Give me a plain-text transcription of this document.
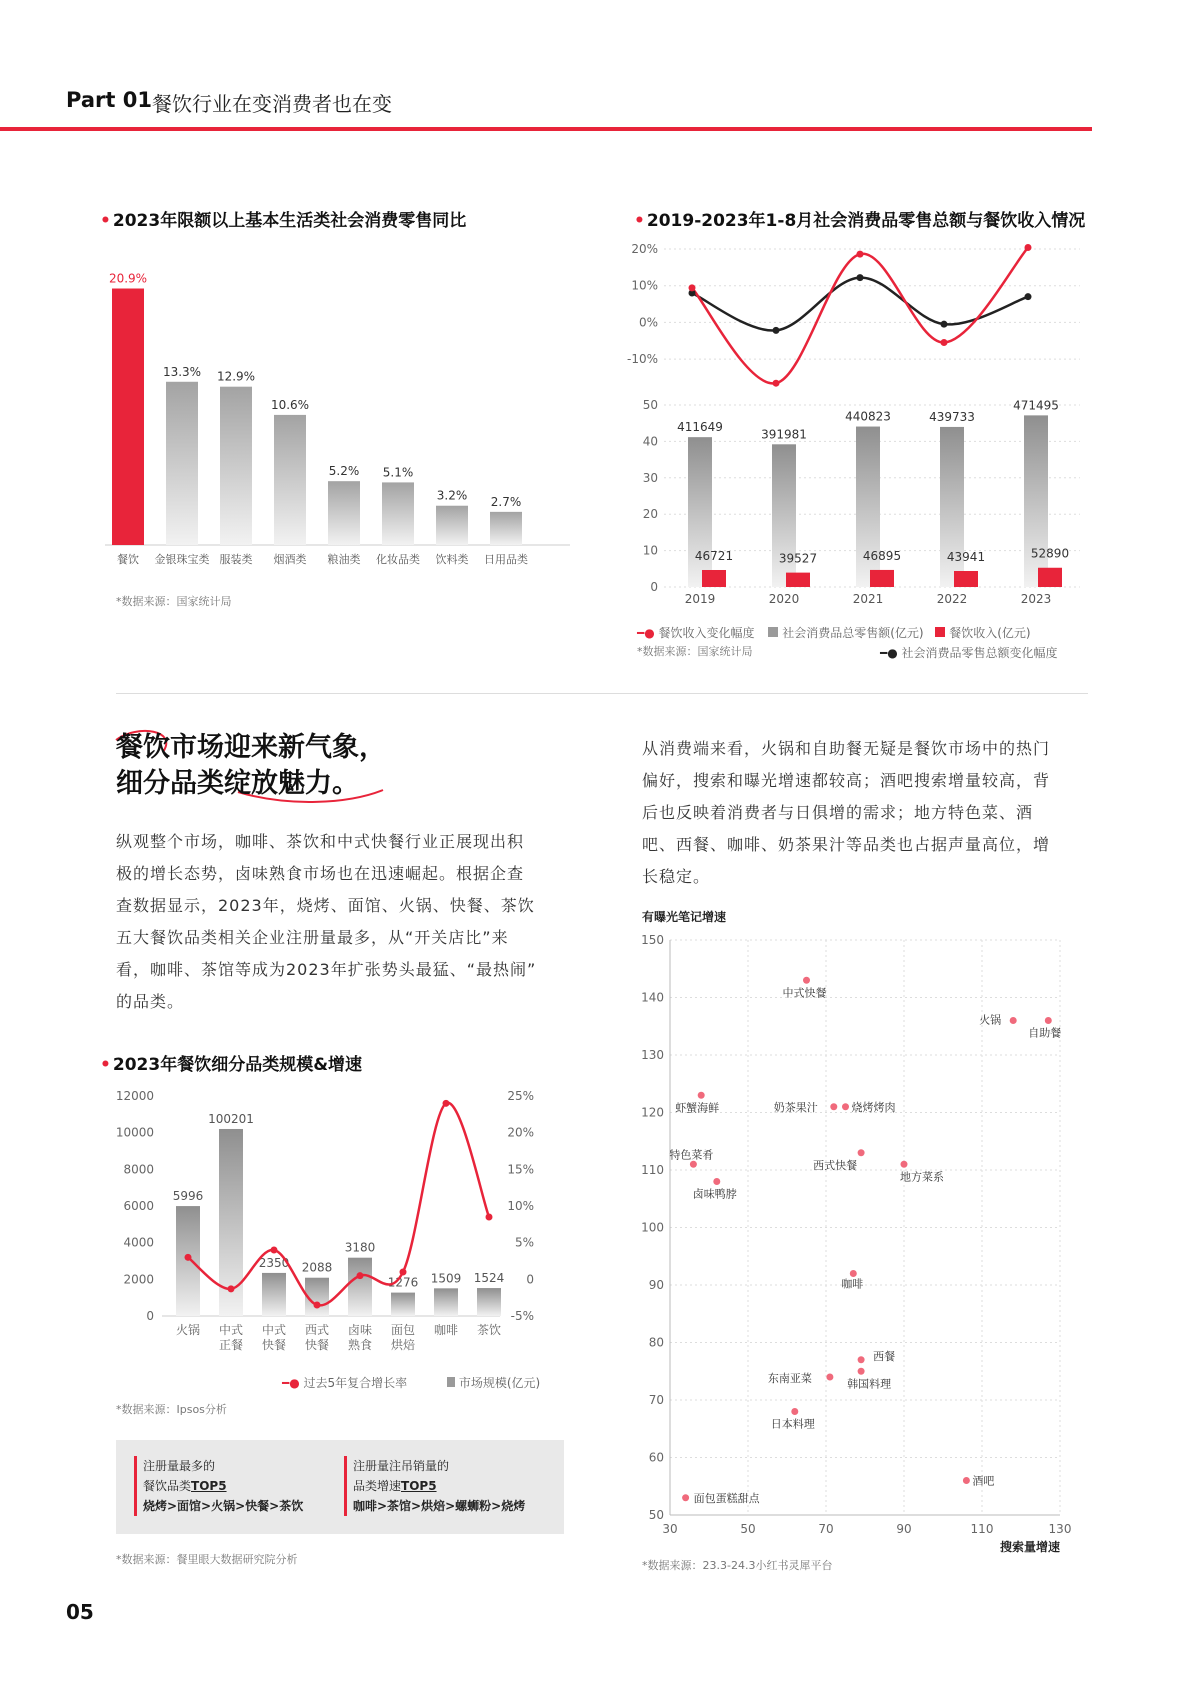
Part 01 餐饮行业在变消费者也在变
• 2023年限额以上基本生活类社会消费零售同比
20.9%
餐饮
13.3%
金银珠宝类
12.9%
服装类
10.6%
烟酒类
5.2%
粮油类
5.1%
化妆品类
3.2%
饮料类
2.7%
日用品类
*数据来源：国家统计局
• 2019-2023年1-8月社会消费品零售总额与餐饮收入情况
20%
10%
0%
-10%
0
10
20
30
40
50
411649
46721
2019
391981
39527
2020
440823
46895
2021
439733
43941
2022
471495
52890
2023
━● 餐饮收入变化幅度 社会消费品总零售额(亿元) 餐饮收入(亿元)
*数据来源：国家统计局	━● 社会消费品零售总额变化幅度
餐饮市场迎来新气象，
细分品类绽放魅力。
纵观整个市场，咖啡、茶饮和中式快餐行业正展现出积
极的增长态势，卤味熟食市场也在迅速崛起。根据企查
查数据显示，2023年，烧烤、面馆、火锅、快餐、茶饮
五大餐饮品类相关企业注册量最多，从“开关店比”来
看，咖啡、茶馆等成为2023年扩张势头最猛、“最热闹”
的品类。
从消费端来看，火锅和自助餐无疑是餐饮市场中的热门
偏好，搜索和曝光增速都较高；酒吧搜索增量较高，背
后也反映着消费者与日俱增的需求；地方特色菜、酒
吧、西餐、咖啡、奶茶果汁等品类也占据声量高位，增
长稳定。
• 2023年餐饮细分品类规模&增速
0
2000
4000
6000
8000
10000
12000
-5%
0
5%
10%
15%
20%
25%
5996
火锅
100201
中式
正餐
2350
中式
快餐
2088
西式
快餐
3180
卤味
熟食
1276
面包
烘焙
1509
咖啡
1524
茶饮
━● 过去5年复合增长率	市场规模(亿元)
*数据来源：Ipsos分析
注册量最多的
餐饮品类TOP5
烧烤>面馆>火锅>快餐>茶饮
注册量注吊销量的
品类增速TOP5
咖啡>茶馆>烘焙>螺蛳粉>烧烤
*数据来源：餐里眼大数据研究院分析
有曝光笔记增速
50
60
70
80
90
100
110
120
130
140
150
30	50	70	90	110	130
搜索量增速
中式快餐
火锅
自助餐
虾蟹海鲜	奶茶果汁	烧烤烤肉
特色菜肴
西式快餐
地方菜系
卤味鸭脖
咖啡
西餐
韩国料理
东南亚菜
日本料理
酒吧
面包蛋糕甜点
*数据来源：23.3-24.3小红书灵犀平台
05
